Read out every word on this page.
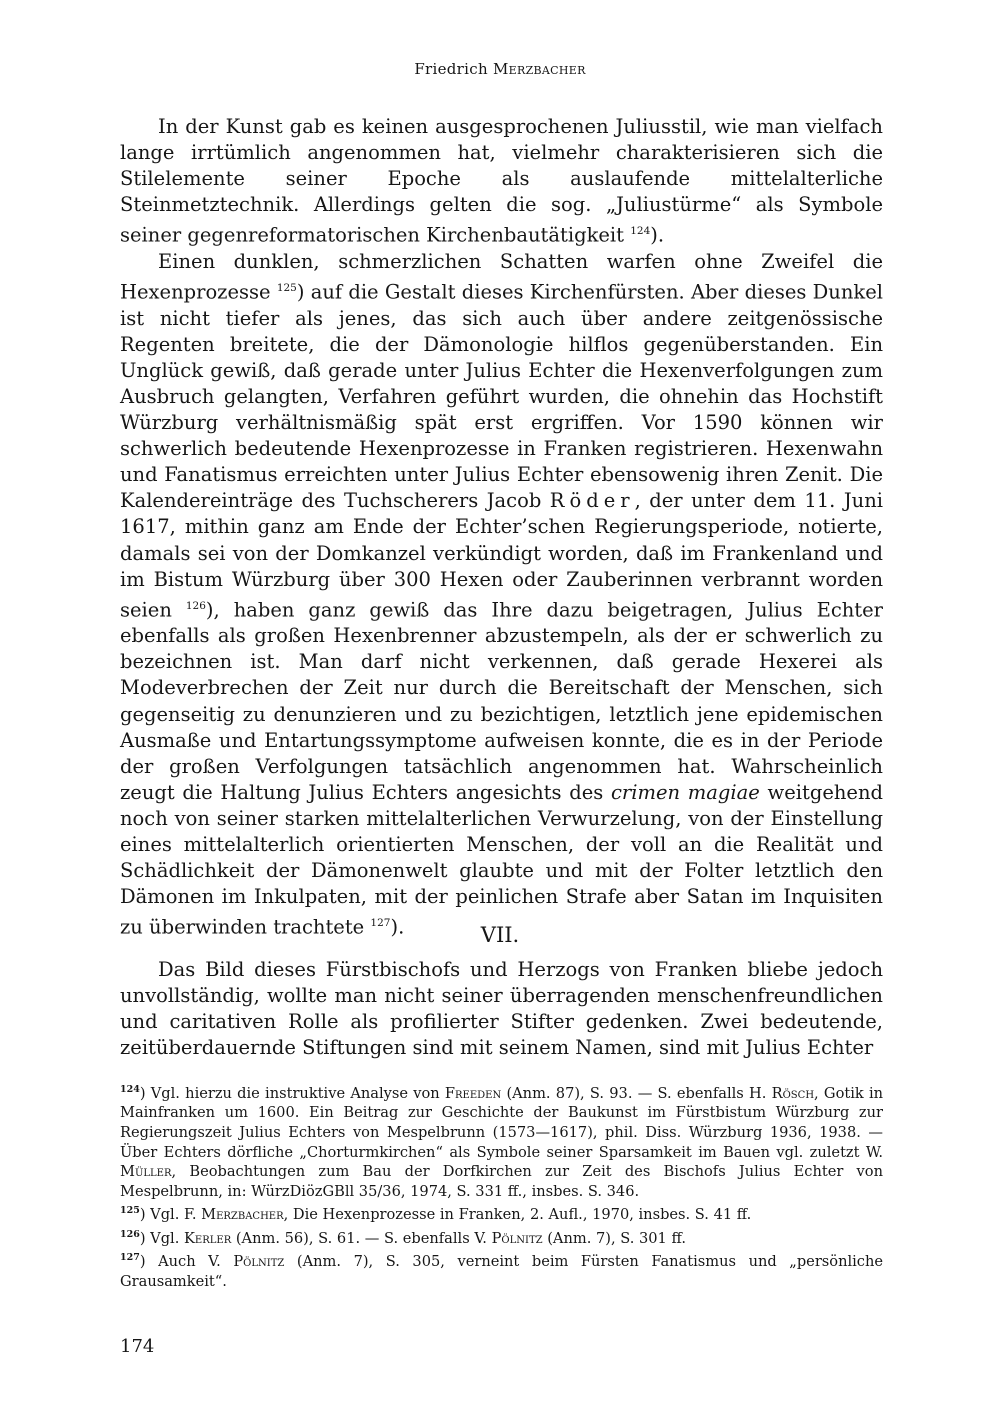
Friedrich Merzbacher

In der Kunst gab es keinen ausgesprochenen Juliusstil, wie man vielfach lange irrtümlich angenommen hat, vielmehr charakterisieren sich die Stilelemente seiner Epoche als auslaufende mittelalterliche Steinmetztechnik. Allerdings gelten die sog. „Juliustürme“ als Symbole seiner gegenreformatorischen Kirchenbautätigkeit $^{124}$).

Einen dunklen, schmerzlichen Schatten warfen ohne Zweifel die Hexenprozesse $^{125}$) auf die Gestalt dieses Kirchenfürsten. Aber dieses Dunkel ist nicht tiefer als jenes, das sich auch über andere zeitgenössische Regenten breitete, die der Dämonologie hilflos gegenüberstanden. Ein Unglück gewiß, daß gerade unter Julius Echter die Hexenverfolgungen zum Ausbruch gelangten, Verfahren geführt wurden, die ohnehin das Hochstift Würzburg verhältnismäßig spät erst ergriffen. Vor 1590 können wir schwerlich bedeutende Hexenprozesse in Franken registrieren. Hexenwahn und Fanatismus erreichten unter Julius Echter ebensowenig ihren Zenit. Die Kalendereinträge des Tuchscherers Jacob Röder, der unter dem 11. Juni 1617, mithin ganz am Ende der Echter’schen Regierungsperiode, notierte, damals sei von der Domkanzel verkündigt worden, daß im Frankenland und im Bistum Würzburg über 300 Hexen oder Zauberinnen verbrannt worden seien $^{126}$), haben ganz gewiß das Ihre dazu beigetragen, Julius Echter ebenfalls als großen Hexenbrenner abzustempeln, als der er schwerlich zu bezeichnen ist. Man darf nicht verkennen, daß gerade Hexerei als Modeverbrechen der Zeit nur durch die Bereitschaft der Menschen, sich gegenseitig zu denunzieren und zu bezichtigen, letztlich jene epidemischen Ausmaße und Entartungssymptome aufweisen konnte, die es in der Periode der großen Verfolgungen tatsächlich angenommen hat. Wahrscheinlich zeugt die Haltung Julius Echters angesichts des crimen magiae weitgehend noch von seiner starken mittelalterlichen Verwurzelung, von der Einstellung eines mittelalterlich orientierten Menschen, der voll an die Realität und Schädlichkeit der Dämonenwelt glaubte und mit der Folter letztlich den Dämonen im Inkulpaten, mit der peinlichen Strafe aber Satan im Inquisiten zu überwinden trachtete $^{127}$).	VII.

Das Bild dieses Fürstbischofs und Herzogs von Franken bliebe jedoch unvollständig, wollte man nicht seiner überragenden menschenfreundlichen und caritativen Rolle als profilierter Stifter gedenken. Zwei bedeutende, zeitüberdauernde Stiftungen sind mit seinem Namen, sind mit Julius Echter

$^{124}$) Vgl. hierzu die instruktive Analyse von Freeden (Anm. 87), S. 93. — S. ebenfalls H. Rösch, Gotik in Mainfranken um 1600. Ein Beitrag zur Geschichte der Baukunst im Fürstbistum Würzburg zur Regierungszeit Julius Echters von Mespelbrunn (1573—1617), phil. Diss. Würzburg 1936, 1938. — Über Echters dörfliche „Chorturmkirchen“ als Symbole seiner Sparsamkeit im Bauen vgl. zuletzt W. Müller, Beobachtungen zum Bau der Dorfkirchen zur Zeit des Bischofs Julius Echter von Mespelbrunn, in: WürzDiözGBll 35/36, 1974, S. 331 ff., insbes. S. 346.

$^{125}$) Vgl. F. Merzbacher, Die Hexenprozesse in Franken, 2. Aufl., 1970, insbes. S. 41 ff.

$^{126}$) Vgl. Kerler (Anm. 56), S. 61. — S. ebenfalls V. Pölnitz (Anm. 7), S. 301 ff.

$^{127}$) Auch V. Pölnitz (Anm. 7), S. 305, verneint beim Fürsten Fanatismus und „persönliche Grausamkeit“.

174
